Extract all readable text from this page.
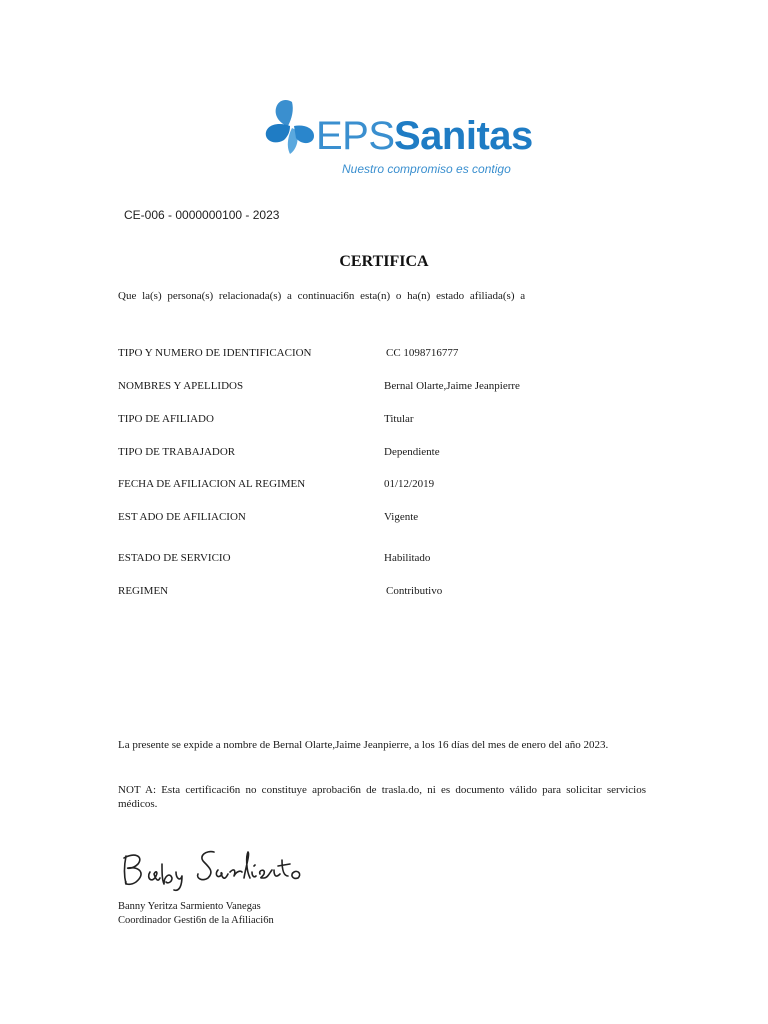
EPS Sanitas
Nuestro compromiso es contigo
CE-006 - 0000000100 - 2023
CERTIFICA
Que la(s) persona(s) relacionada(s) a continuaci6n esta(n) o ha(n) estado afiliada(s) a
TIPO Y NUMERO DE IDENTIFICACION	CC 1098716777
NOMBRES Y APELLIDOS	Bernal Olarte,Jaime Jeanpierre
TIPO DE AFILIADO	Titular
TIPO DE TRABAJADOR	Dependiente
FECHA DE AFILIACION AL REGIMEN	01/12/2019
EST ADO DE AFILIACION	Vigente
ESTADO DE SERVICIO	Habilitado
REGIMEN	Contributivo
La presente se expide a nombre de Bernal Olarte,Jaime Jeanpierre, a los 16 días del mes de enero del año 2023.
NOT A: Esta certificaci6n no constituye aprobaci6n de trasla.do, ni es documento válido para solicitar servicios médicos.
Banny Yeritza Sarmiento Vanegas
Coordinador Gesti6n de la Afiliaci6n
